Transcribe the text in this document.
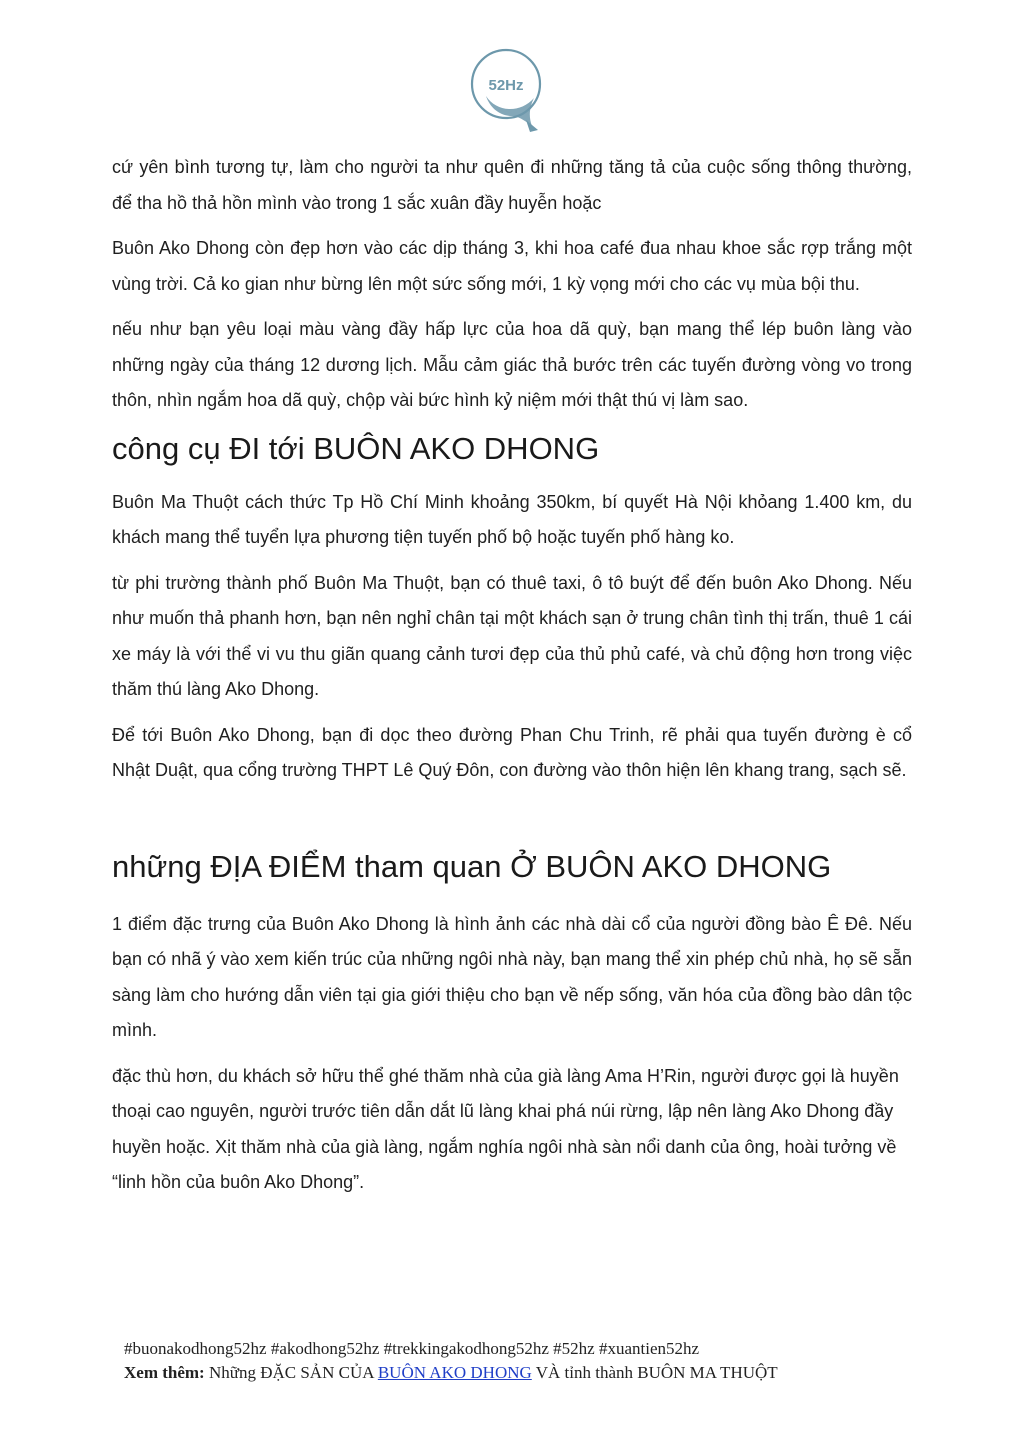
52Hz

cứ yên bình tương tự, làm cho người ta như quên đi những tăng tả của cuộc sống thông thường, để tha hồ thả hồn mình vào trong 1 sắc xuân đầy huyễn hoặc

Buôn Ako Dhong còn đẹp hơn vào các dịp tháng 3, khi hoa café đua nhau khoe sắc rợp trắng một vùng trời. Cả ko gian như bừng lên một sức sống mới, 1 kỳ vọng mới cho các vụ mùa bội thu.

nếu như bạn yêu loại màu vàng đầy hấp lực của hoa dã quỳ, bạn mang thể lép buôn làng vào những ngày của tháng 12 dương lịch. Mẫu cảm giác thả bước trên các tuyến đường vòng vo trong thôn, nhìn ngắm hoa dã quỳ, chộp vài bức hình kỷ niệm mới thật thú vị làm sao.

công cụ ĐI tới BUÔN AKO DHONG

Buôn Ma Thuột cách thức Tp Hồ Chí Minh khoảng 350km, bí quyết Hà Nội khỏang 1.400 km, du khách mang thể tuyển lựa phương tiện tuyến phố bộ hoặc tuyến phố hàng ko.

từ phi trường thành phố Buôn Ma Thuột, bạn có thuê taxi, ô tô buýt để đến buôn Ako Dhong. Nếu như muốn thả phanh hơn, bạn nên nghỉ chân tại một khách sạn ở trung chân tình thị trấn, thuê 1 cái xe máy là với thể vi vu thu giãn quang cảnh tươi đẹp của thủ phủ café, và chủ động hơn trong việc thăm thú làng Ako Dhong.

Để tới Buôn Ako Dhong, bạn đi dọc theo đường Phan Chu Trinh, rẽ phải qua tuyến đường è cổ Nhật Duật, qua cổng trường THPT Lê Quý Đôn, con đường vào thôn hiện lên khang trang, sạch sẽ.

những ĐỊA ĐIỂM tham quan Ở BUÔN AKO DHONG

1 điểm đặc trưng của Buôn Ako Dhong là hình ảnh các nhà dài cổ của người đồng bào Ê Đê. Nếu bạn có nhã ý vào xem kiến trúc của những ngôi nhà này, bạn mang thể xin phép chủ nhà, họ sẽ sẵn sàng làm cho hướng dẫn viên tại gia giới thiệu cho bạn về nếp sống, văn hóa của đồng bào dân tộc mình.

đặc thù hơn, du khách sở hữu thể ghé thăm nhà của già làng Ama H’Rin, người được gọi là huyền thoại cao nguyên, người trước tiên dẫn dắt lũ làng khai phá núi rừng, lập nên làng Ako Dhong đầy huyền hoặc. Xịt thăm nhà của già làng, ngắm nghía ngôi nhà sàn nổi danh của ông, hoài tưởng về “linh hồn của buôn Ako Dhong”.

#buonakodhong52hz #akodhong52hz #trekkingakodhong52hz #52hz #xuantien52hz
Xem thêm: Những ĐẶC SẢN CỦA BUÔN AKO DHONG VÀ tỉnh thành BUÔN MA THUỘT
